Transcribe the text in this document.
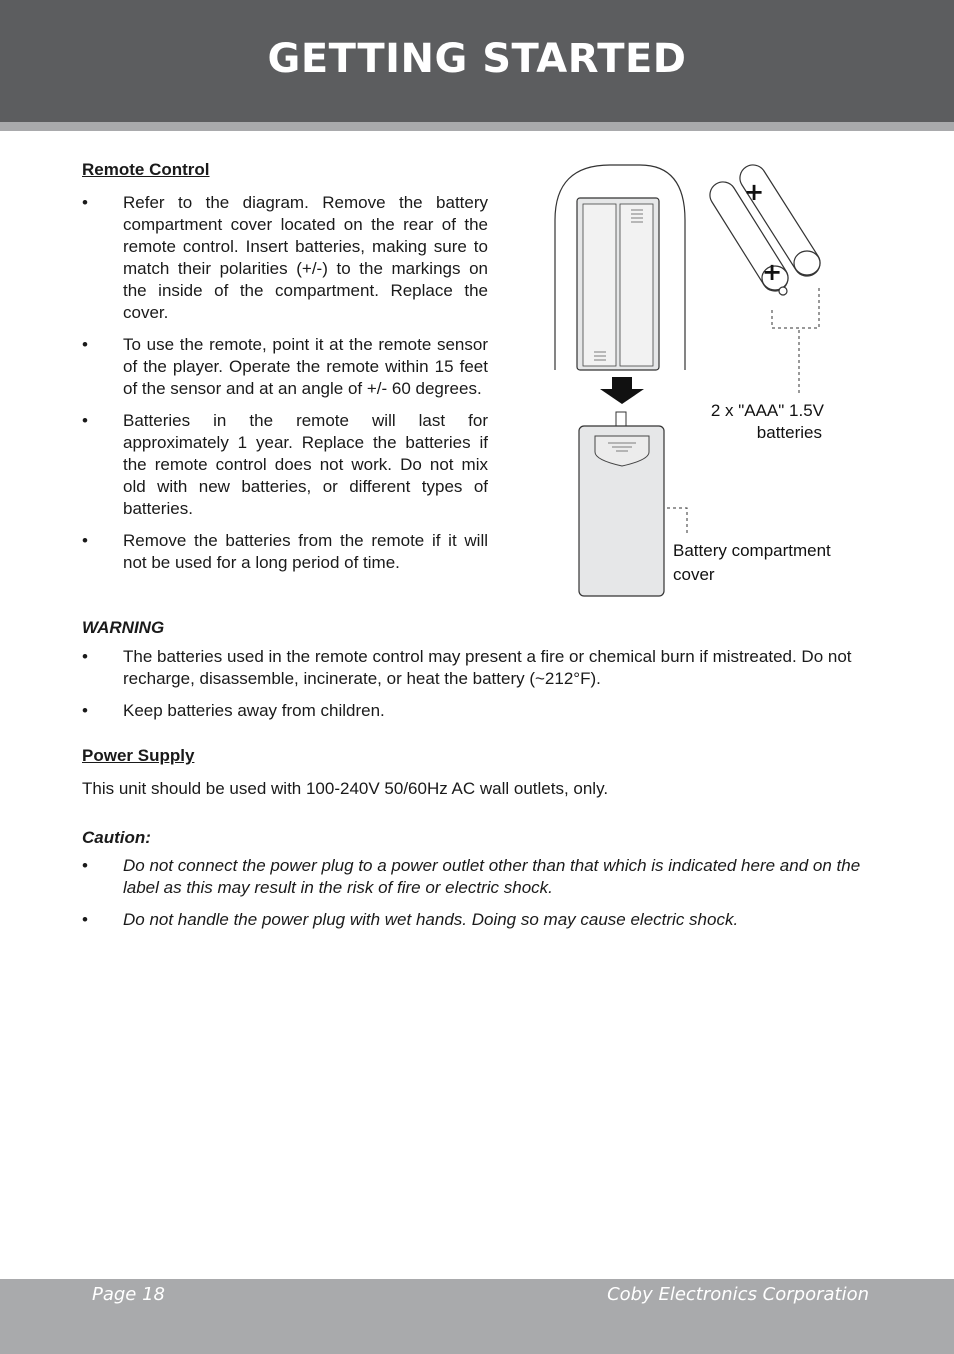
GETTING STARTED
Remote Control
• Refer to the diagram. Remove the battery compartment cover located on the rear of the remote control. Insert batteries, making sure to match their polarities (+/-) to the markings on the inside of the compartment. Replace the cover.
• To use the remote, point it at the remote sensor of the player. Operate the remote within 15 feet of the sensor and at an angle of +/- 60 degrees.
• Batteries in the remote will last for approximately 1 year. Replace the batteries if the remote control does not work. Do not mix old with new batteries, or different types of batteries.
• Remove the batteries from the remote if it will not be used for a long period of time.
+
+
2 x "AAA" 1.5V
batteries
Battery compartment
cover
WARNING
• The batteries used in the remote control may present a fire or chemical burn if mistreated. Do not recharge, disassemble, incinerate, or heat the battery (~212°F).
• Keep batteries away from children.
Power Supply

This unit should be used with 100-240V 50/60Hz AC wall outlets, only.

Caution:
• Do not connect the power plug to a power outlet other than that which is indicated here and on the label as this may result in the risk of fire or electric shock.
• Do not handle the power plug with wet hands. Doing so may cause electric shock.
Page 18	Coby Electronics Corporation
